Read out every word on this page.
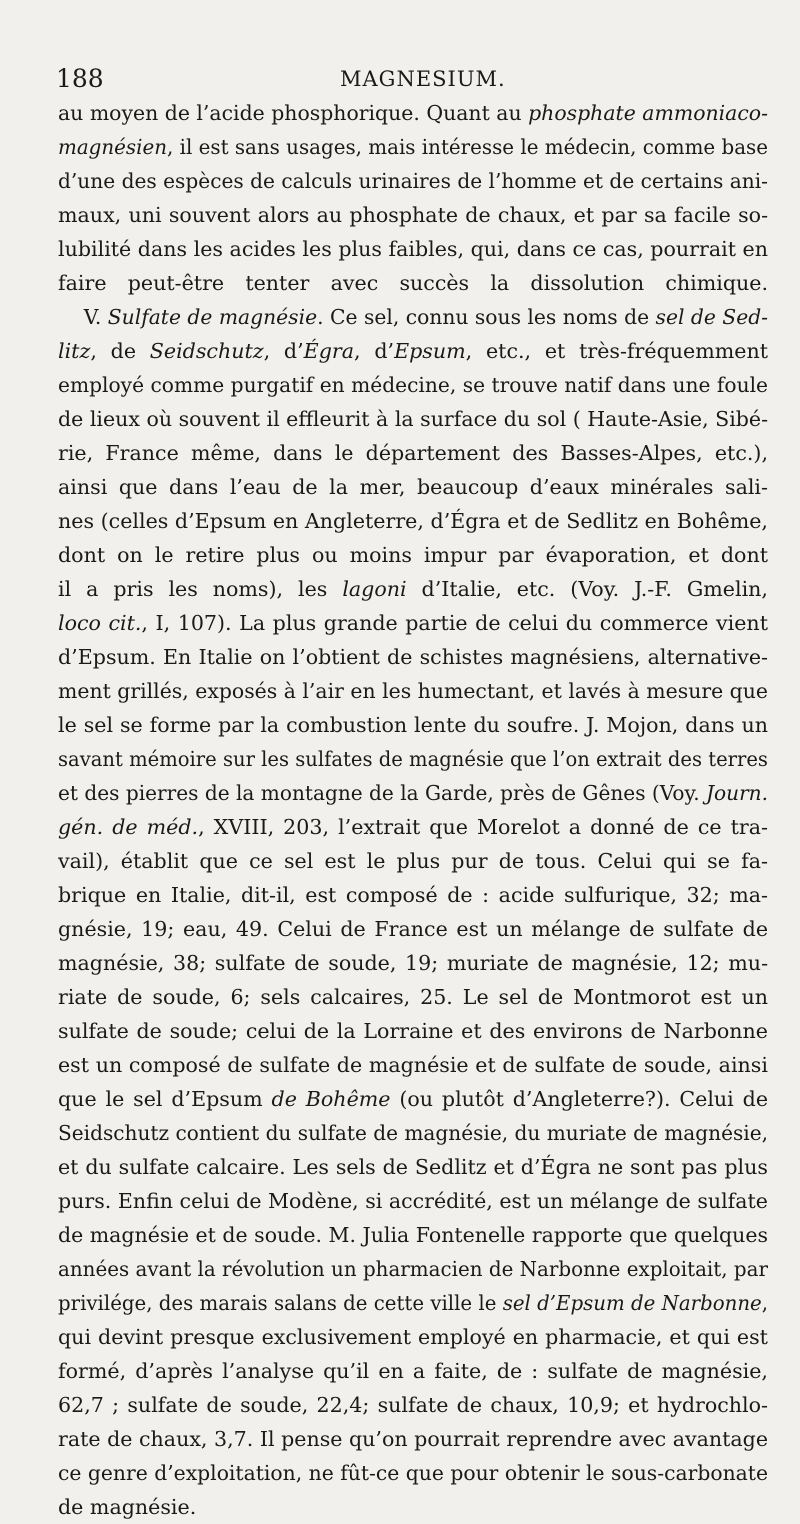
188	MAGNESIUM.
au moyen de l’acide phosphorique. Quant au phosphate ammoniaco-
magnésien, il est sans usages, mais intéresse le médecin, comme base
d’une des espèces de calculs urinaires de l’homme et de certains ani-
maux, uni souvent alors au phosphate de chaux, et par sa facile so-
lubilité dans les acides les plus faibles, qui, dans ce cas, pourrait en
faire peut-être tenter avec succès la dissolution chimique.
V. Sulfate de magnésie. Ce sel, connu sous les noms de sel de Sed-
litz, de Seidschutz, d’Égra, d’Epsum, etc., et très-fréquemment
employé comme purgatif en médecine, se trouve natif dans une foule
de lieux où souvent il effleurit à la surface du sol ( Haute-Asie, Sibé-
rie, France même, dans le département des Basses-Alpes, etc.),
ainsi que dans l’eau de la mer, beaucoup d’eaux minérales sali-
nes (celles d’Epsum en Angleterre, d’Égra et de Sedlitz en Bohême,
dont on le retire plus ou moins impur par évaporation, et dont
il a pris les noms), les lagoni d’Italie, etc. (Voy. J.-F. Gmelin,
loco cit., I, 107). La plus grande partie de celui du commerce vient
d’Epsum. En Italie on l’obtient de schistes magnésiens, alternative-
ment grillés, exposés à l’air en les humectant, et lavés à mesure que
le sel se forme par la combustion lente du soufre. J. Mojon, dans un
savant mémoire sur les sulfates de magnésie que l’on extrait des terres
et des pierres de la montagne de la Garde, près de Gênes (Voy. Journ.
gén. de méd., XVIII, 203, l’extrait que Morelot a donné de ce tra-
vail), établit que ce sel est le plus pur de tous. Celui qui se fa-
brique en Italie, dit-il, est composé de : acide sulfurique, 32; ma-
gnésie, 19; eau, 49. Celui de France est un mélange de sulfate de
magnésie, 38; sulfate de soude, 19; muriate de magnésie, 12; mu-
riate de soude, 6; sels calcaires, 25. Le sel de Montmorot est un
sulfate de soude; celui de la Lorraine et des environs de Narbonne
est un composé de sulfate de magnésie et de sulfate de soude, ainsi
que le sel d’Epsum de Bohême (ou plutôt d’Angleterre?). Celui de
Seidschutz contient du sulfate de magnésie, du muriate de magnésie,
et du sulfate calcaire. Les sels de Sedlitz et d’Égra ne sont pas plus
purs. Enfin celui de Modène, si accrédité, est un mélange de sulfate
de magnésie et de soude. M. Julia Fontenelle rapporte que quelques
années avant la révolution un pharmacien de Narbonne exploitait, par
privilége, des marais salans de cette ville le sel d’Epsum de Narbonne,
qui devint presque exclusivement employé en pharmacie, et qui est
formé, d’après l’analyse qu’il en a faite, de : sulfate de magnésie,
62,7 ; sulfate de soude, 22,4; sulfate de chaux, 10,9; et hydrochlo-
rate de chaux, 3,7. Il pense qu’on pourrait reprendre avec avantage
ce genre d’exploitation, ne fût-ce que pour obtenir le sous-carbonate
de magnésie.
